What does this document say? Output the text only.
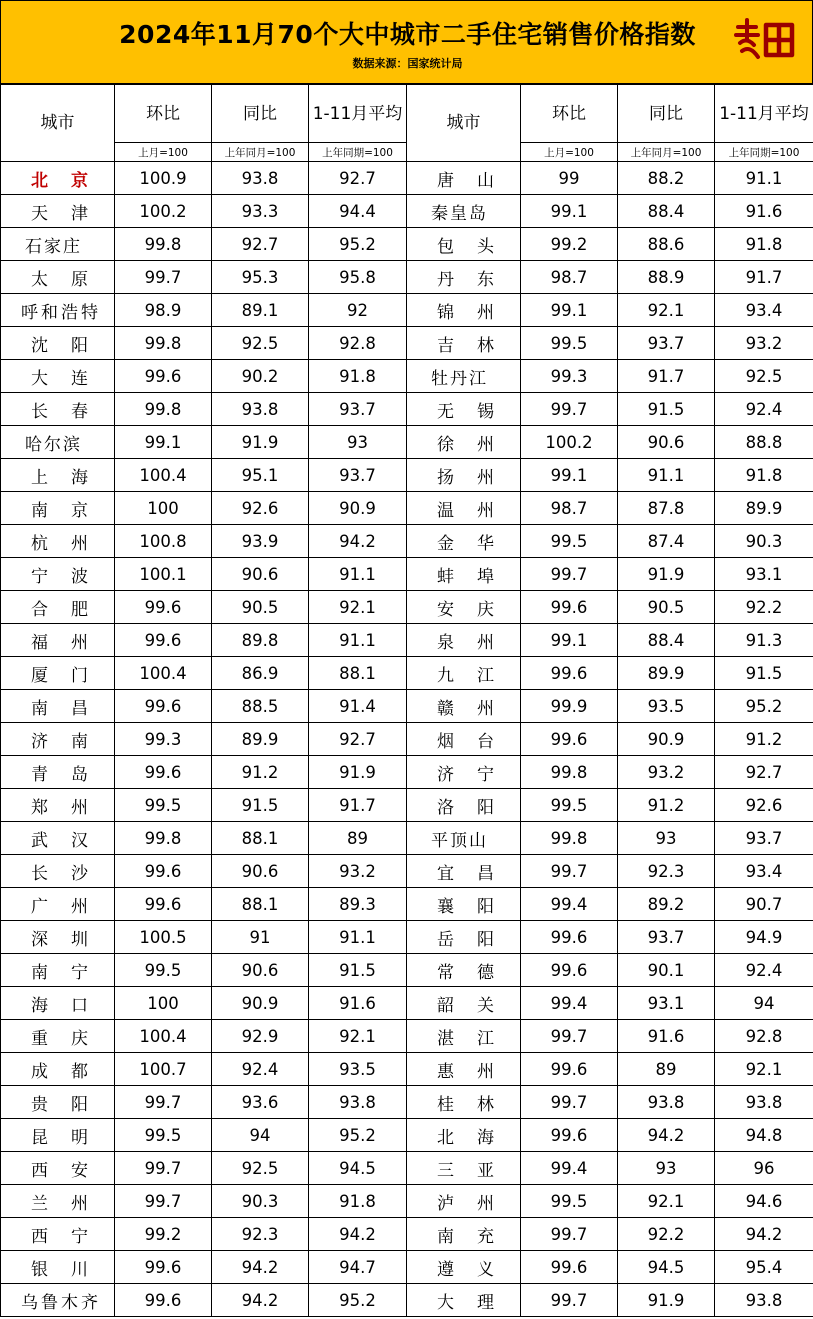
2024年11月70个大中城市二手住宅销售价格指数
数据来源：国家统计局
城市	环比	同比	1-11月平均	城市	环比	同比	1-11月平均
	上月=100	上年同月=100	上年同期=100		上月=100	上年同月=100	上年同期=100
北京	100.9	93.8	92.7	唐山	99	88.2	91.1
天津	100.2	93.3	94.4	秦皇岛	99.1	88.4	91.6
石家庄	99.8	92.7	95.2	包头	99.2	88.6	91.8
太原	99.7	95.3	95.8	丹东	98.7	88.9	91.7
呼和浩特	98.9	89.1	92	锦州	99.1	92.1	93.4
沈阳	99.8	92.5	92.8	吉林	99.5	93.7	93.2
大连	99.6	90.2	91.8	牡丹江	99.3	91.7	92.5
长春	99.8	93.8	93.7	无锡	99.7	91.5	92.4
哈尔滨	99.1	91.9	93	徐州	100.2	90.6	88.8
上海	100.4	95.1	93.7	扬州	99.1	91.1	91.8
南京	100	92.6	90.9	温州	98.7	87.8	89.9
杭州	100.8	93.9	94.2	金华	99.5	87.4	90.3
宁波	100.1	90.6	91.1	蚌埠	99.7	91.9	93.1
合肥	99.6	90.5	92.1	安庆	99.6	90.5	92.2
福州	99.6	89.8	91.1	泉州	99.1	88.4	91.3
厦门	100.4	86.9	88.1	九江	99.6	89.9	91.5
南昌	99.6	88.5	91.4	赣州	99.9	93.5	95.2
济南	99.3	89.9	92.7	烟台	99.6	90.9	91.2
青岛	99.6	91.2	91.9	济宁	99.8	93.2	92.7
郑州	99.5	91.5	91.7	洛阳	99.5	91.2	92.6
武汉	99.8	88.1	89	平顶山	99.8	93	93.7
长沙	99.6	90.6	93.2	宜昌	99.7	92.3	93.4
广州	99.6	88.1	89.3	襄阳	99.4	89.2	90.7
深圳	100.5	91	91.1	岳阳	99.6	93.7	94.9
南宁	99.5	90.6	91.5	常德	99.6	90.1	92.4
海口	100	90.9	91.6	韶关	99.4	93.1	94
重庆	100.4	92.9	92.1	湛江	99.7	91.6	92.8
成都	100.7	92.4	93.5	惠州	99.6	89	92.1
贵阳	99.7	93.6	93.8	桂林	99.7	93.8	93.8
昆明	99.5	94	95.2	北海	99.6	94.2	94.8
西安	99.7	92.5	94.5	三亚	99.4	93	96
兰州	99.7	90.3	91.8	泸州	99.5	92.1	94.6
西宁	99.2	92.3	94.2	南充	99.7	92.2	94.2
银川	99.6	94.2	94.7	遵义	99.6	94.5	95.4
乌鲁木齐	99.6	94.2	95.2	大理	99.7	91.9	93.8
